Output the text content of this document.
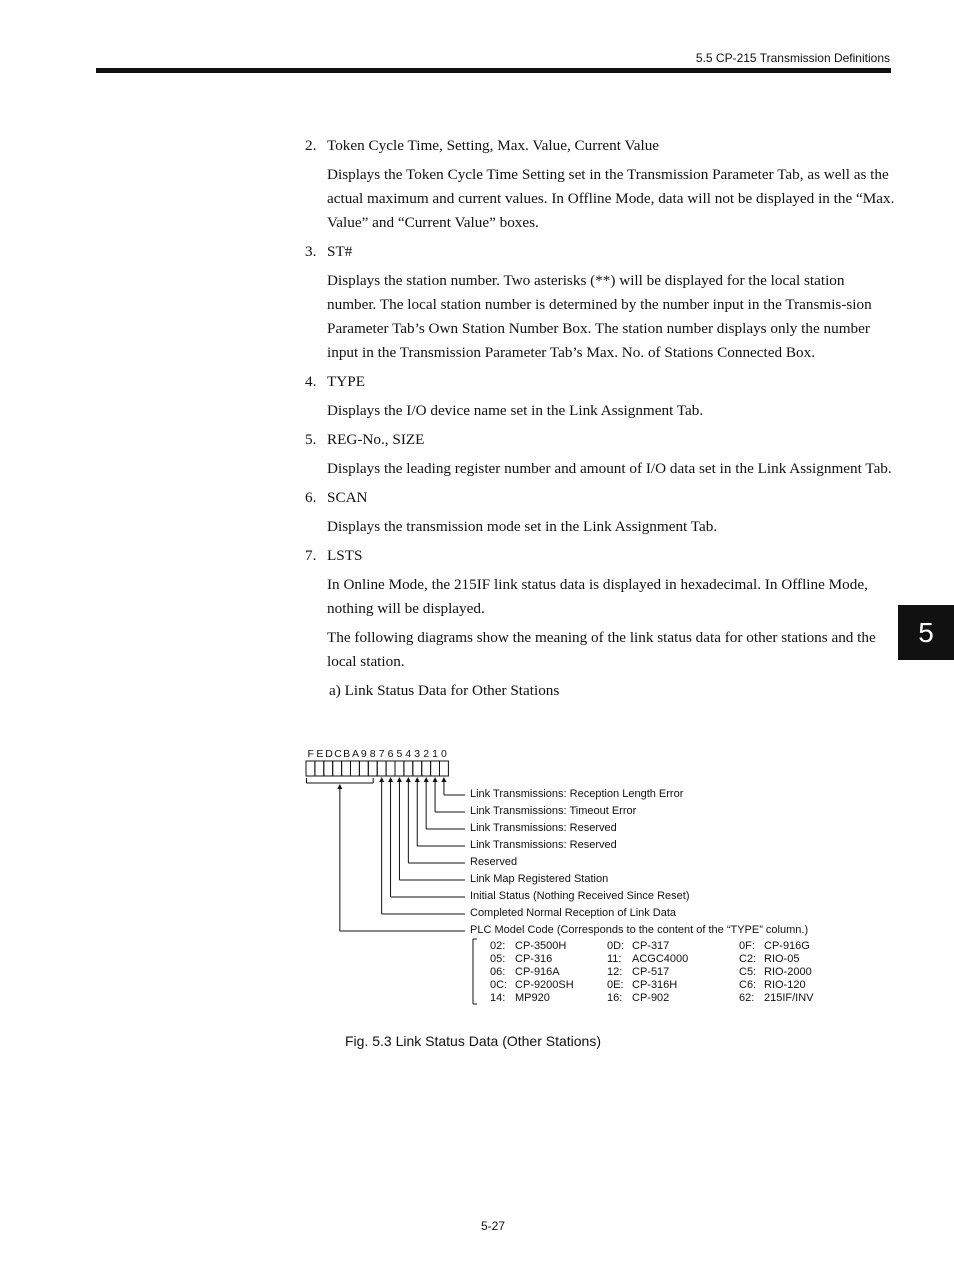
5.5 CP-215 Transmission Definitions
5
2. Token Cycle Time, Setting, Max. Value, Current Value

Displays the Token Cycle Time Setting set in the Transmission Parameter Tab, as well as the actual maximum and current values. In Offline Mode, data will not be displayed in the “Max. Value” and “Current Value” boxes.

3. ST#

Displays the station number. Two asterisks (**) will be displayed for the local station number. The local station number is determined by the number input in the Transmis-sion Parameter Tab’s Own Station Number Box. The station number displays only the number input in the Transmission Parameter Tab’s Max. No. of Stations Connected Box.

4. TYPE

Displays the I/O device name set in the Link Assignment Tab.

5. REG-No., SIZE

Displays the leading register number and amount of I/O data set in the Link Assignment Tab.

6. SCAN

Displays the transmission mode set in the Link Assignment Tab.

7. LSTS

In Online Mode, the 215IF link status data is displayed in hexadecimal. In Offline Mode, nothing will be displayed.

The following diagrams show the meaning of the link status data for other stations and the local station.

a) Link Status Data for Other Stations

F E D C B A 9 8 7 6 5 4 3 2 1 0
Link Transmissions: Reception Length Error
Link Transmissions: Timeout Error
Link Transmissions: Reserved
Link Transmissions: Reserved
Reserved
Link Map Registered Station
Initial Status (Nothing Received Since Reset)
Completed Normal Reception of Link Data
PLC Model Code (Corresponds to the content of the “TYPE” column.)
02: CP-3500H	0D: CP-317	0F: CP-916G
05: CP-316	11: ACGC4000	C2: RIO-05
06: CP-916A	12: CP-517	C5: RIO-2000
0C: CP-9200SH	0E: CP-316H	C6: RIO-120
14: MP920	16: CP-902	62: 215IF/INV
Fig. 5.3 Link Status Data (Other Stations)
5-27
